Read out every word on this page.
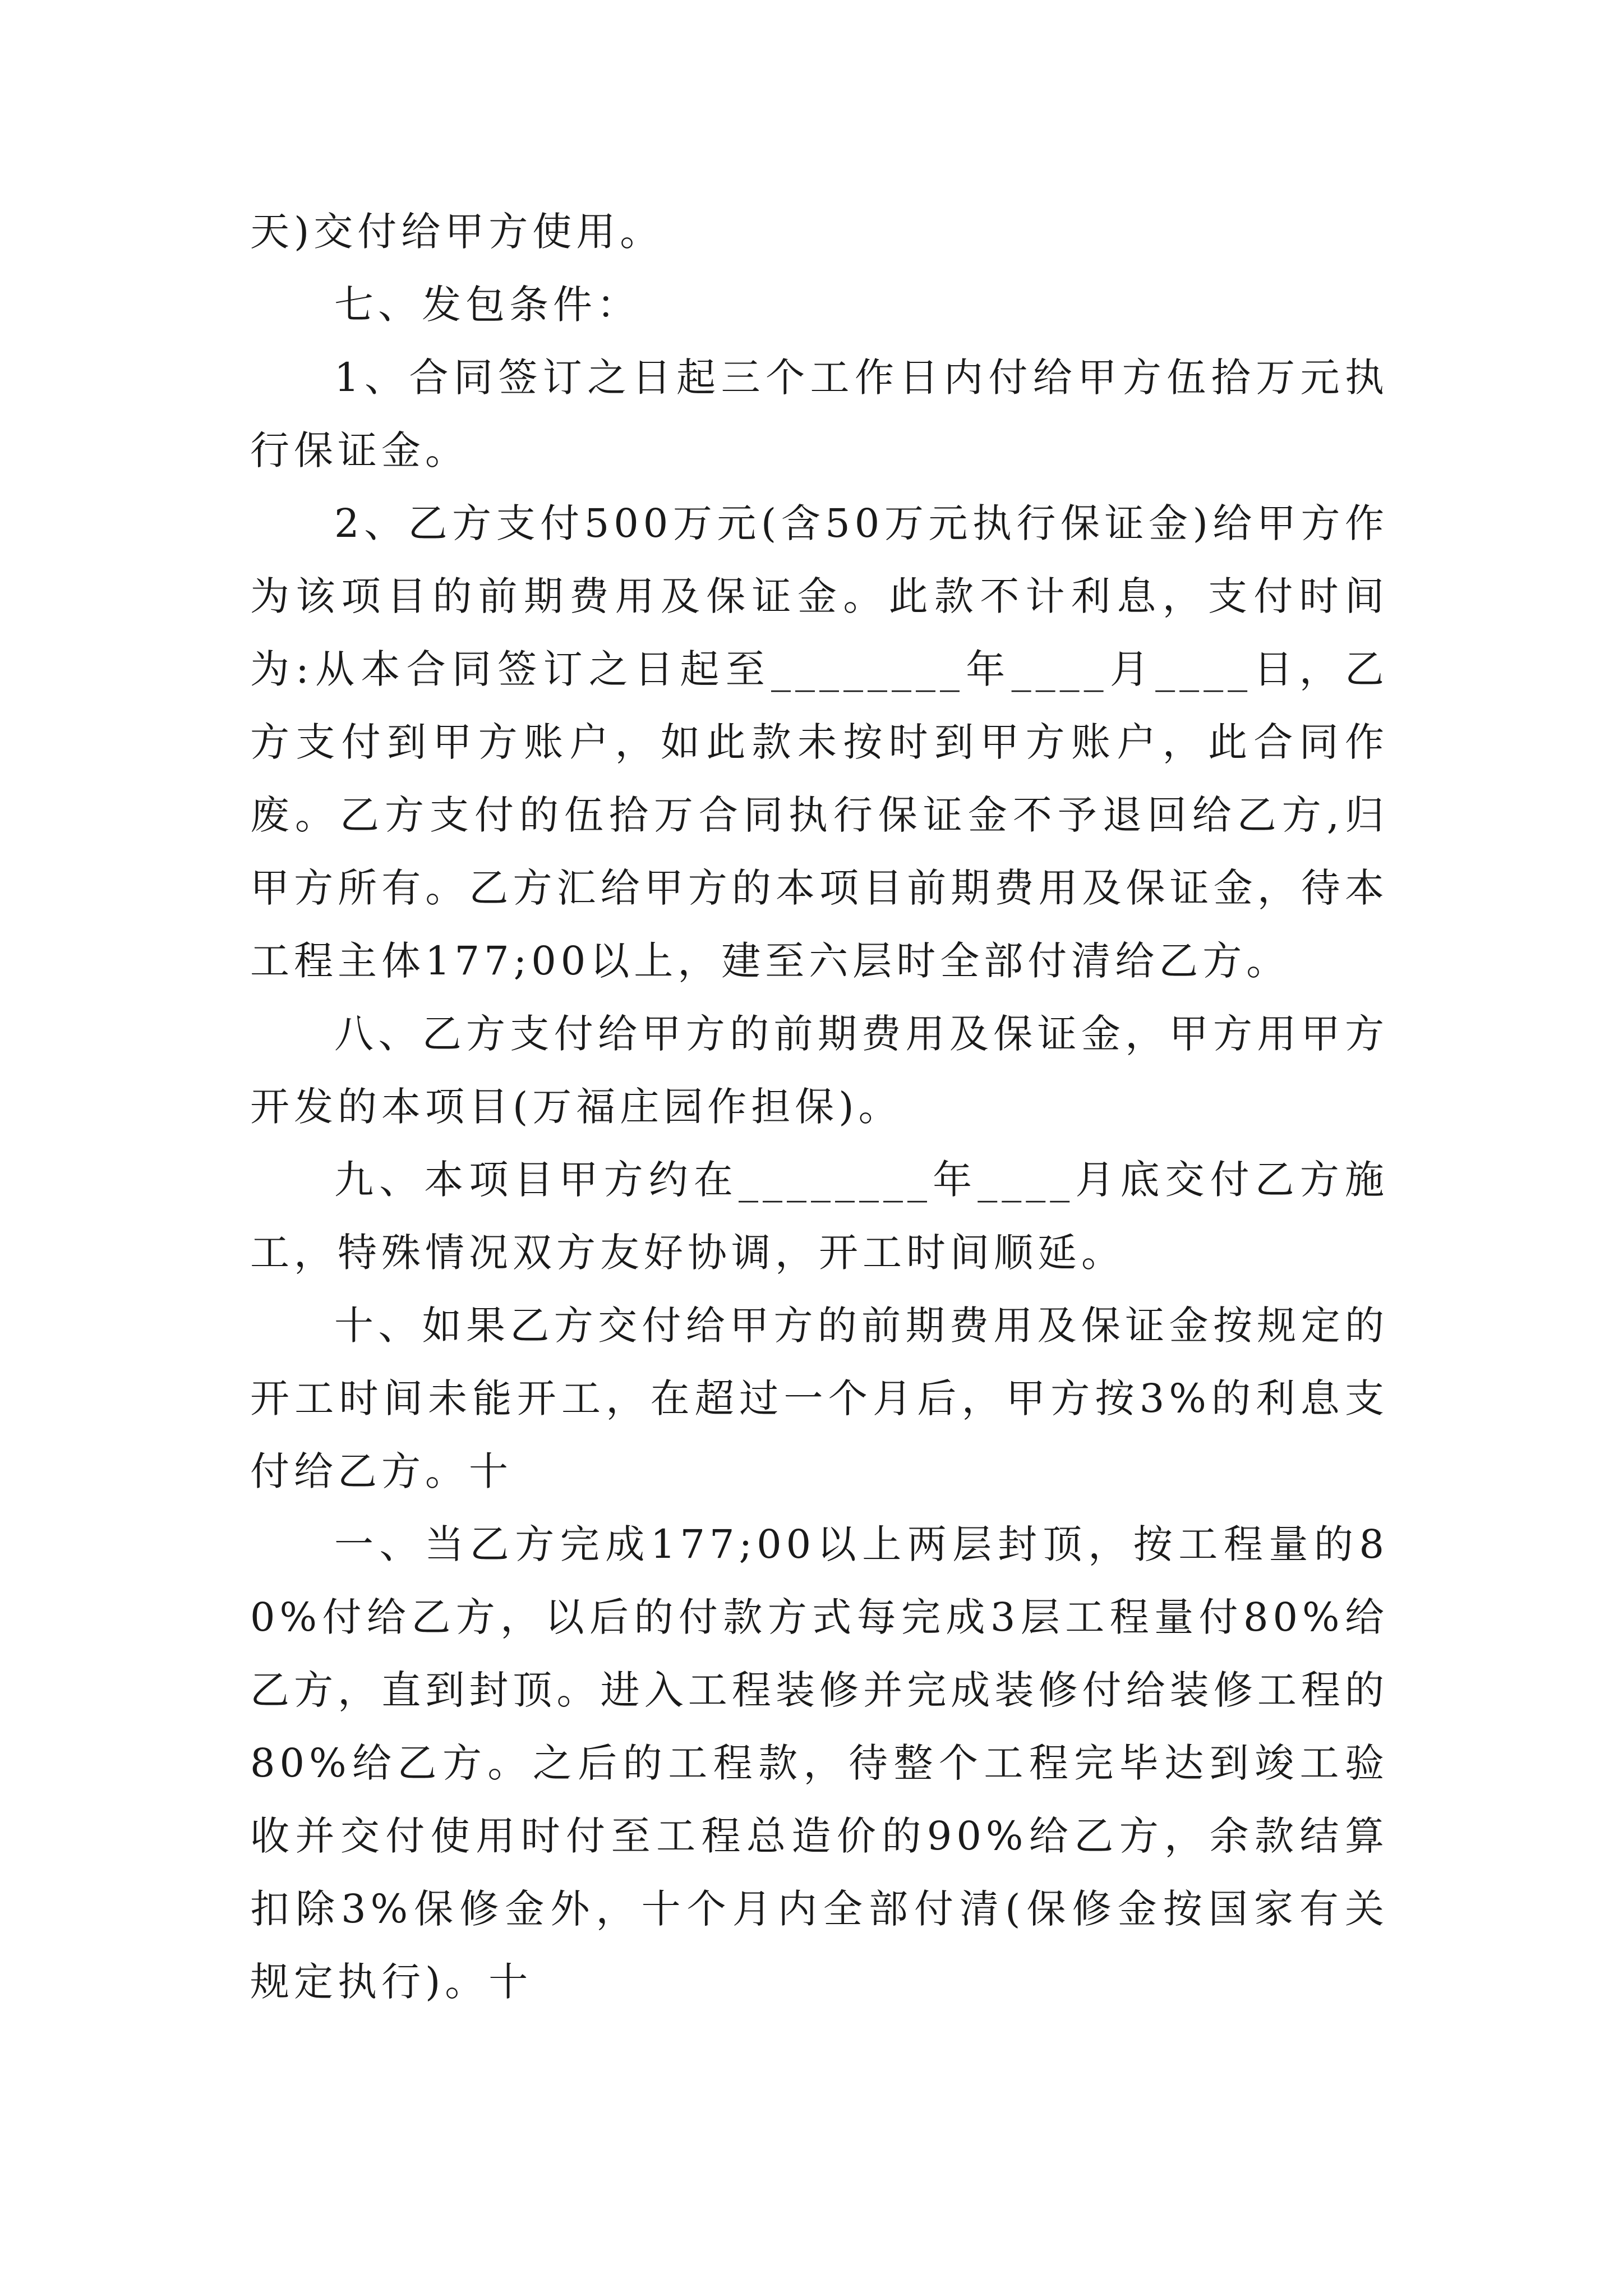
天)交付给甲方使用。

七、发包条件：

1、合同签订之日起三个工作日内付给甲方伍拾万元执行保证金。

2、乙方支付500万元(含50万元执行保证金)给甲方作为该项目的前期费用及保证金。此款不计利息，支付时间为:从本合同签订之日起至________年____月____日，乙方支付到甲方账户，如此款未按时到甲方账户，此合同作废。乙方支付的伍拾万合同执行保证金不予退回给乙方,归甲方所有。乙方汇给甲方的本项目前期费用及保证金，待本工程主体177;00以上，建至六层时全部付清给乙方。

八、乙方支付给甲方的前期费用及保证金，甲方用甲方开发的本项目(万福庄园作担保)。

九、本项目甲方约在________年____月底交付乙方施工，特殊情况双方友好协调，开工时间顺延。

十、如果乙方交付给甲方的前期费用及保证金按规定的开工时间未能开工，在超过一个月后，甲方按3%的利息支付给乙方。十

一、当乙方完成177;00以上两层封顶，按工程量的80%付给乙方，以后的付款方式每完成3层工程量付80%给乙方，直到封顶。进入工程装修并完成装修付给装修工程的80%给乙方。之后的工程款，待整个工程完毕达到竣工验收并交付使用时付至工程总造价的90%给乙方，余款结算扣除3%保修金外，十个月内全部付清(保修金按国家有关规定执行)。十
